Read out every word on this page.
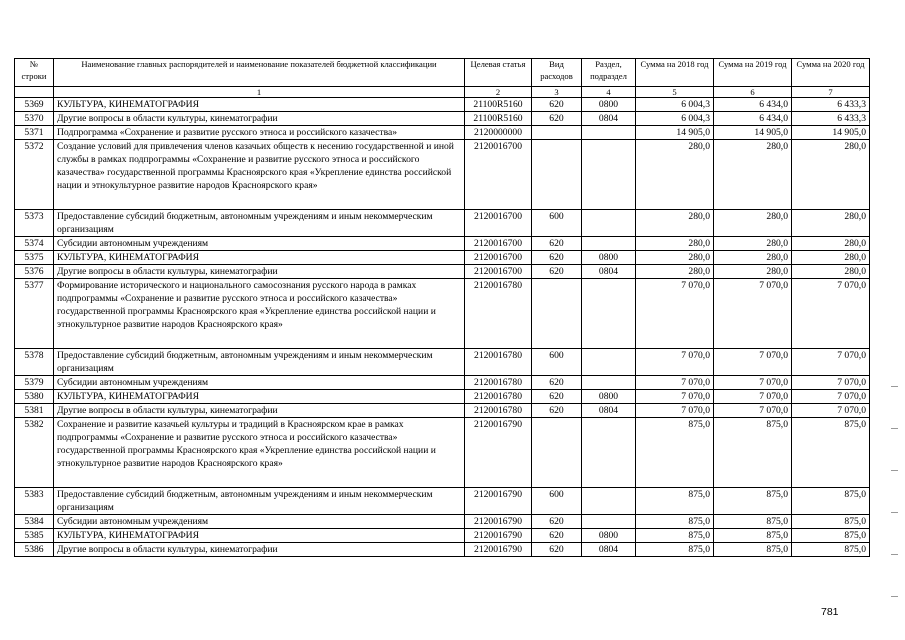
№ строки	Наименование главных распорядителей и наименование показателей бюджетной классификации	Целевая статья	Вид расходов	Раздел, подраздел	Сумма на 2018 год	Сумма на 2019 год	Сумма на 2020 год
	1	2	3	4	5	6	7
5369	КУЛЬТУРА, КИНЕМАТОГРАФИЯ	21100R5160	620	0800	6 004,3	6 434,0	6 433,3
5370	Другие вопросы в области культуры, кинематографии	21100R5160	620	0804	6 004,3	6 434,0	6 433,3
5371	Подпрограмма «Сохранение и развитие русского этноса и российского казачества»	2120000000			14 905,0	14 905,0	14 905,0
5372	Создание условий для привлечения членов казачьих обществ к несению государственной и иной службы в рамках подпрограммы «Сохранение и развитие русского этноса и российского казачества» государственной программы Красноярского края «Укрепление единства российской нации и этнокультурное развитие народов Красноярского края»	2120016700			280,0	280,0	280,0
5373	Предоставление субсидий бюджетным, автономным учреждениям и иным некоммерческим организациям	2120016700	600		280,0	280,0	280,0
5374	Субсидии автономным учреждениям	2120016700	620		280,0	280,0	280,0
5375	КУЛЬТУРА, КИНЕМАТОГРАФИЯ	2120016700	620	0800	280,0	280,0	280,0
5376	Другие вопросы в области культуры, кинематографии	2120016700	620	0804	280,0	280,0	280,0
5377	Формирование исторического и национального самосознания русского народа в рамках подпрограммы «Сохранение и развитие русского этноса и российского казачества» государственной программы Красноярского края «Укрепление единства российской нации и этнокультурное развитие народов Красноярского края»	2120016780			7 070,0	7 070,0	7 070,0
5378	Предоставление субсидий бюджетным, автономным учреждениям и иным некоммерческим организациям	2120016780	600		7 070,0	7 070,0	7 070,0
5379	Субсидии автономным учреждениям	2120016780	620		7 070,0	7 070,0	7 070,0
5380	КУЛЬТУРА, КИНЕМАТОГРАФИЯ	2120016780	620	0800	7 070,0	7 070,0	7 070,0
5381	Другие вопросы в области культуры, кинематографии	2120016780	620	0804	7 070,0	7 070,0	7 070,0
5382	Сохранение и развитие казачьей культуры и традиций в Красноярском крае в рамках подпрограммы «Сохранение и развитие русского этноса и российского казачества» государственной программы Красноярского края «Укрепление единства российской нации и этнокультурное развитие народов Красноярского края»	2120016790			875,0	875,0	875,0
5383	Предоставление субсидий бюджетным, автономным учреждениям и иным некоммерческим организациям	2120016790	600		875,0	875,0	875,0
5384	Субсидии автономным учреждениям	2120016790	620		875,0	875,0	875,0
5385	КУЛЬТУРА, КИНЕМАТОГРАФИЯ	2120016790	620	0800	875,0	875,0	875,0
5386	Другие вопросы в области культуры, кинематографии	2120016790	620	0804	875,0	875,0	875,0
781
